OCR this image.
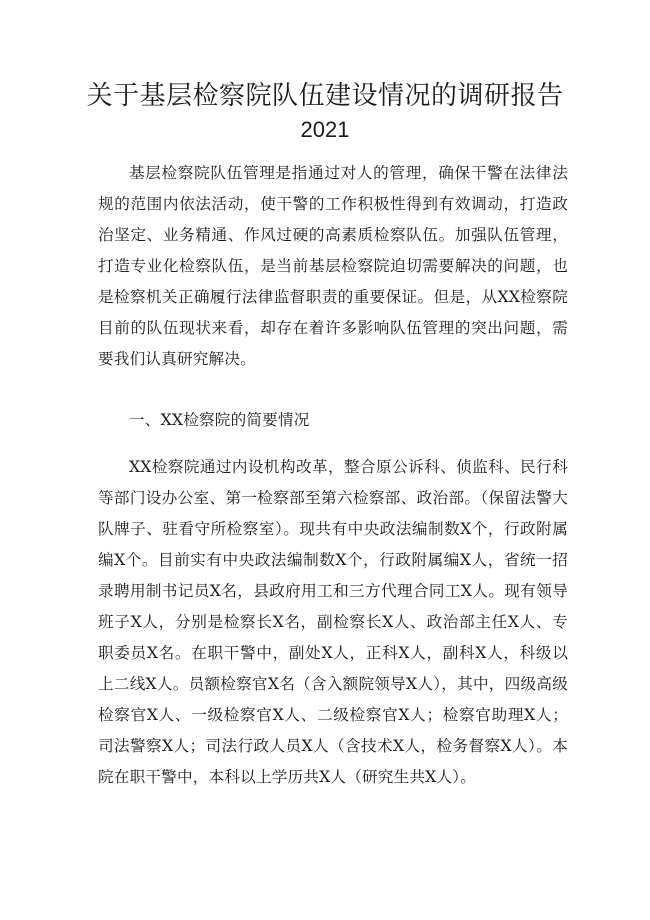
关于基层检察院队伍建设情况的调研报告
2021

基层检察院队伍管理是指通过对人的管理，确保干警在法律法规的范围内依法活动，使干警的工作积极性得到有效调动，打造政治坚定、业务精通、作风过硬的高素质检察队伍。加强队伍管理，打造专业化检察队伍，是当前基层检察院迫切需要解决的问题，也是检察机关正确履行法律监督职责的重要保证。但是，从XX检察院目前的队伍现状来看，却存在着许多影响队伍管理的突出问题，需要我们认真研究解决。

一、XX检察院的简要情况

XX检察院通过内设机构改革，整合原公诉科、侦监科、民行科等部门设办公室、第一检察部至第六检察部、政治部。（保留法警大队牌子、驻看守所检察室）。现共有中央政法编制数X个，行政附属编X个。目前实有中央政法编制数X个，行政附属编X人，省统一招录聘用制书记员X名，县政府用工和三方代理合同工X人。现有领导班子X人，分别是检察长X名，副检察长X人、政治部主任X人、专职委员X名。在职干警中，副处X人，正科X人，副科X人，科级以上二线X人。员额检察官X名（含入额院领导X人），其中，四级高级检察官X人、一级检察官X人、二级检察官X人；检察官助理X人；司法警察X人；司法行政人员X人（含技术X人，检务督察X人）。本院在职干警中，本科以上学历共X人（研究生共X人）。
